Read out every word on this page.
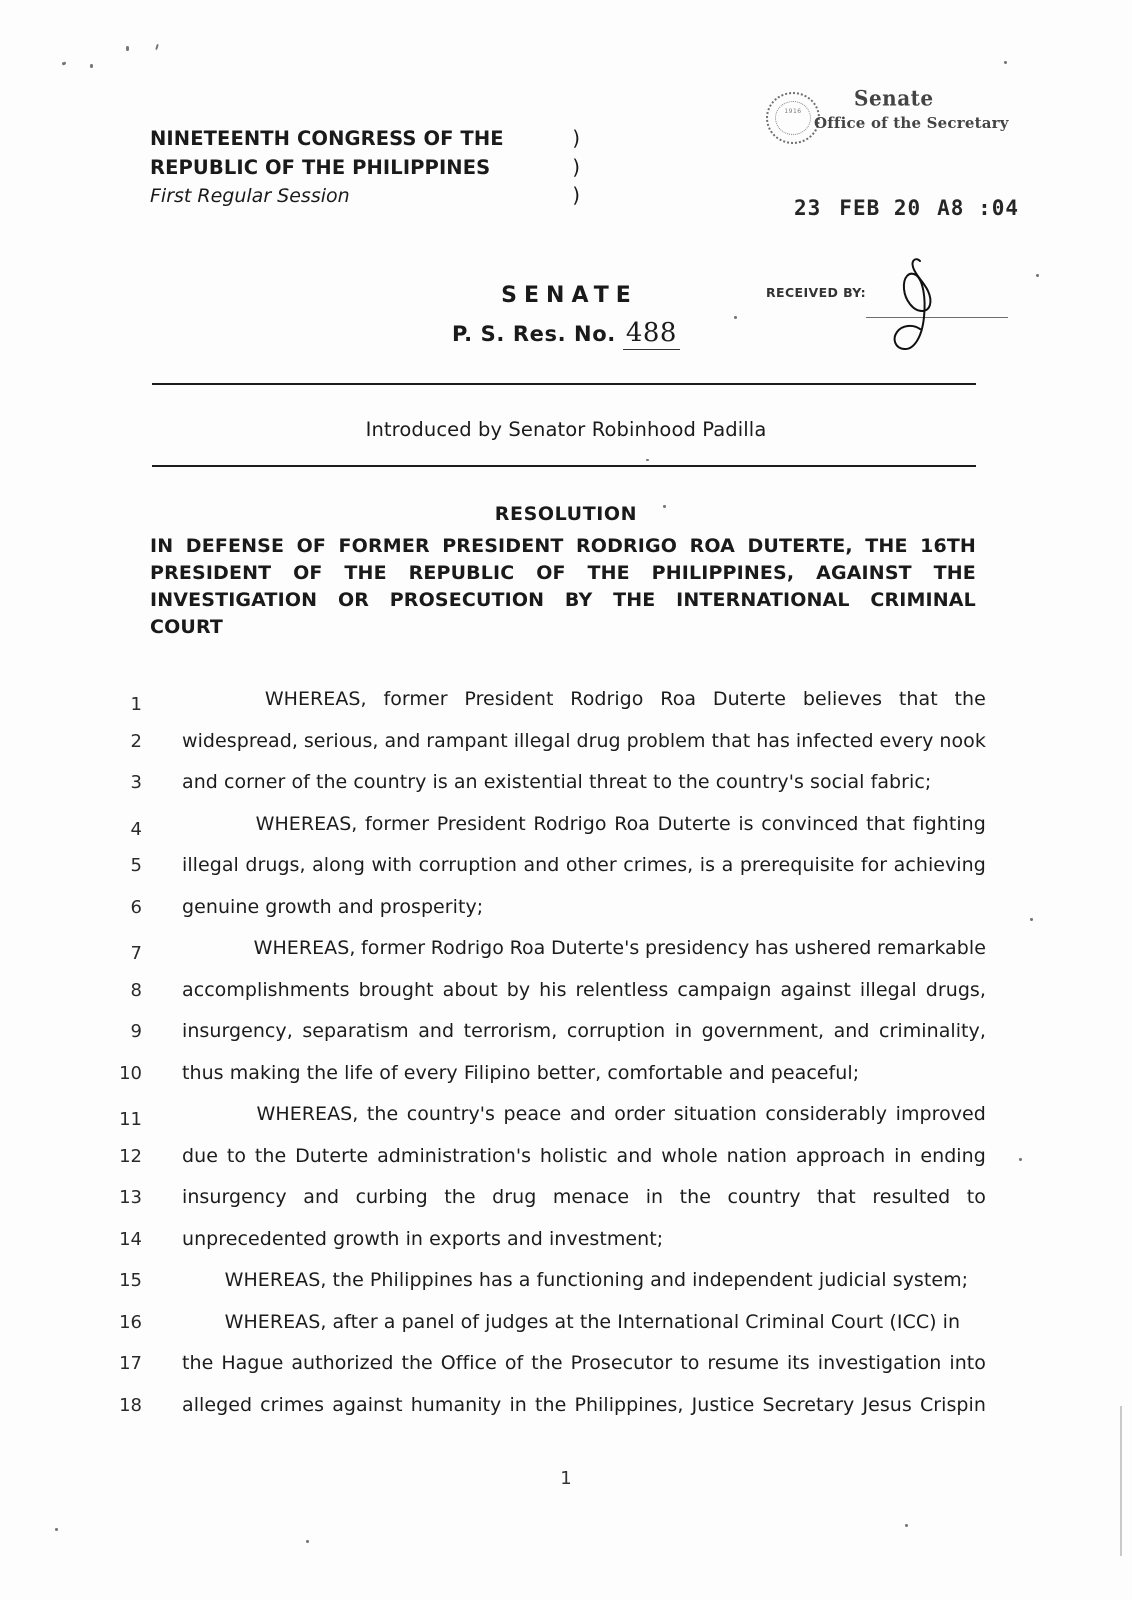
NINETEENTH CONGRESS OF THE	)
REPUBLIC OF THE PHILIPPINES	)
First Regular Session	)
1916
Senate
Office of the Secretary
23 FEB 20 A8 :04
RECEIVED BY:
SENATE
P. S. Res. No. 488
Introduced by Senator Robinhood Padilla
RESOLUTION
IN DEFENSE OF FORMER PRESIDENT RODRIGO ROA DUTERTE, THE 16TH
PRESIDENT OF THE REPUBLIC OF THE PHILIPPINES, AGAINST THE
INVESTIGATION OR PROSECUTION BY THE INTERNATIONAL CRIMINAL
COURT
1	WHEREAS, former President Rodrigo Roa Duterte believes that the
2 widespread, serious, and rampant illegal drug problem that has infected every nook
3	and corner of the country is an existential threat to the country's social fabric;
4	WHEREAS, former President Rodrigo Roa Duterte is convinced that fighting
5 illegal drugs, along with corruption and other crimes, is a prerequisite for achieving
6	genuine growth and prosperity;
7	WHEREAS, former Rodrigo Roa Duterte's presidency has ushered remarkable
8 accomplishments brought about by his relentless campaign against illegal drugs,
9 insurgency, separatism and terrorism, corruption in government, and criminality,
10	thus making the life of every Filipino better, comfortable and peaceful;
11	WHEREAS, the country's peace and order situation considerably improved
12 due to the Duterte administration's holistic and whole nation approach in ending
13 insurgency and curbing the drug menace in the country that resulted to
14	unprecedented growth in exports and investment;
15	WHEREAS, the Philippines has a functioning and independent judicial system;
16	WHEREAS, after a panel of judges at the International Criminal Court (ICC) in
17 the Hague authorized the Office of the Prosecutor to resume its investigation into
18 alleged crimes against humanity in the Philippines, Justice Secretary Jesus Crispin
1
